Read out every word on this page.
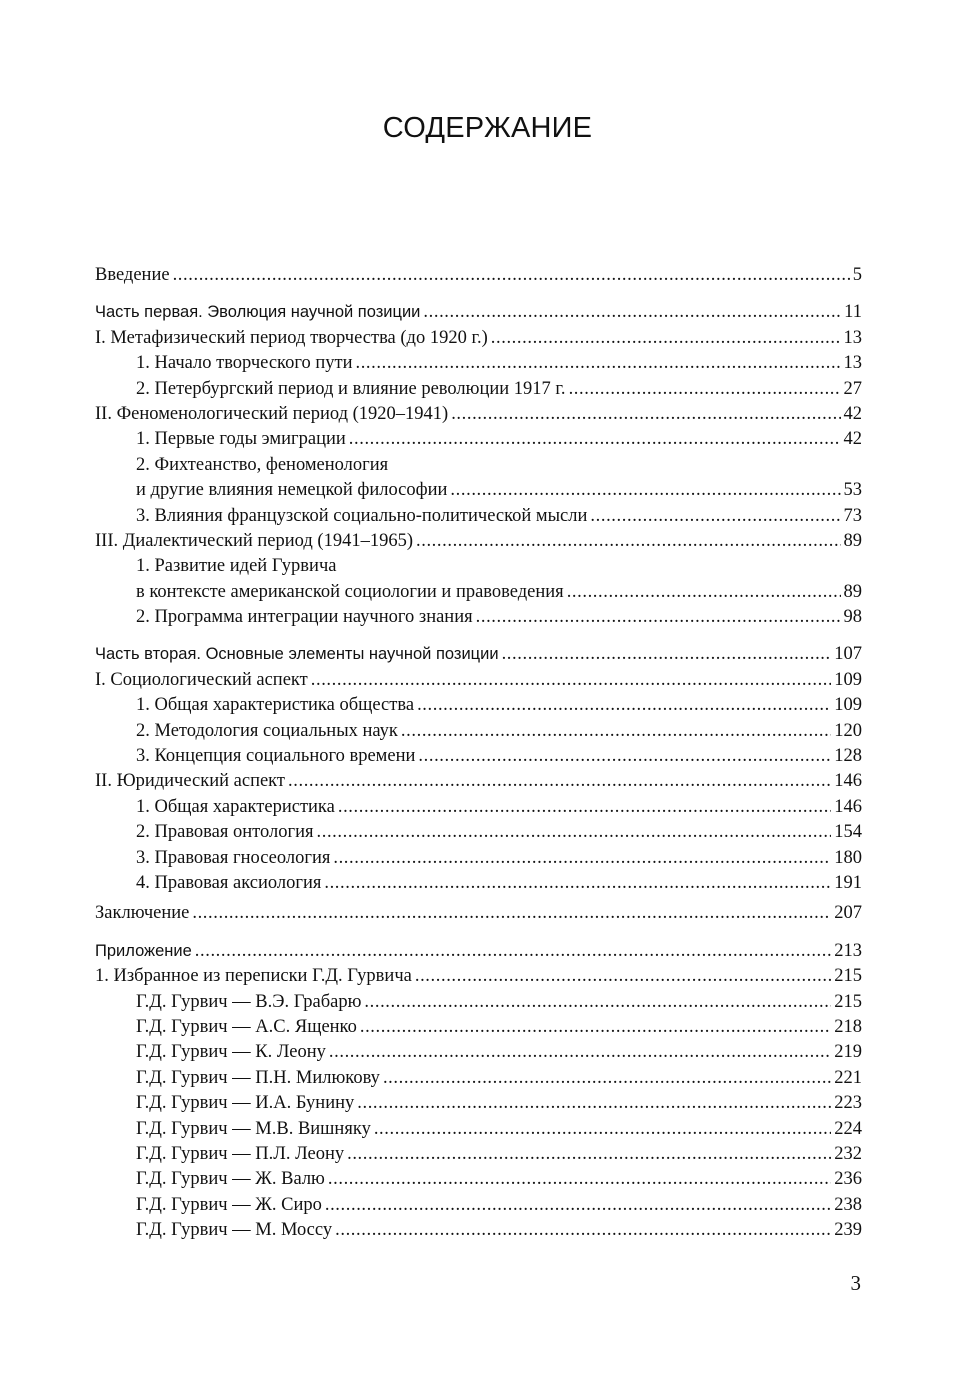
СОДЕРЖАНИЕ
Введение .....	5
Часть первая. Эволюция научной позиции .....	11
I. Метафизический период творчества (до 1920 г.) .....	13
1. Начало творческого пути .....	13
2. Петербургский период и влияние революции 1917 г. .....	27
II. Феноменологический период (1920–1941) .....	42
1. Первые годы эмиграции .....	42
2. Фихтеанство, феноменология
и другие влияния немецкой философии .....	53
3. Влияния французской социально-политической мысли .....	73
III. Диалектический период (1941–1965) .....	89
1. Развитие идей Гурвича
в контексте американской социологии и правоведения .....	89
2. Программа интеграции научного знания .....	98
Часть вторая. Основные элементы научной позиции .....	107
I. Социологический аспект .....	109
1. Общая характеристика общества .....	109
2. Методология социальных наук .....	120
3. Концепция социального времени .....	128
II. Юридический аспект .....	146
1. Общая характеристика .....	146
2. Правовая онтология .....	154
3. Правовая гносеология .....	180
4. Правовая аксиология .....	191
Заключение .....	207
Приложение .....	213
1. Избранное из переписки Г.Д. Гурвича .....	215
Г.Д. Гурвич — В.Э. Грабарю .....	215
Г.Д. Гурвич — А.С. Ященко .....	218
Г.Д. Гурвич — К. Леону .....	219
Г.Д. Гурвич — П.Н. Милюкову .....	221
Г.Д. Гурвич — И.А. Бунину .....	223
Г.Д. Гурвич — М.В. Вишняку .....	224
Г.Д. Гурвич — П.Л. Леону .....	232
Г.Д. Гурвич — Ж. Валю .....	236
Г.Д. Гурвич — Ж. Сиро .....	238
Г.Д. Гурвич — М. Моссу .....	239
3
